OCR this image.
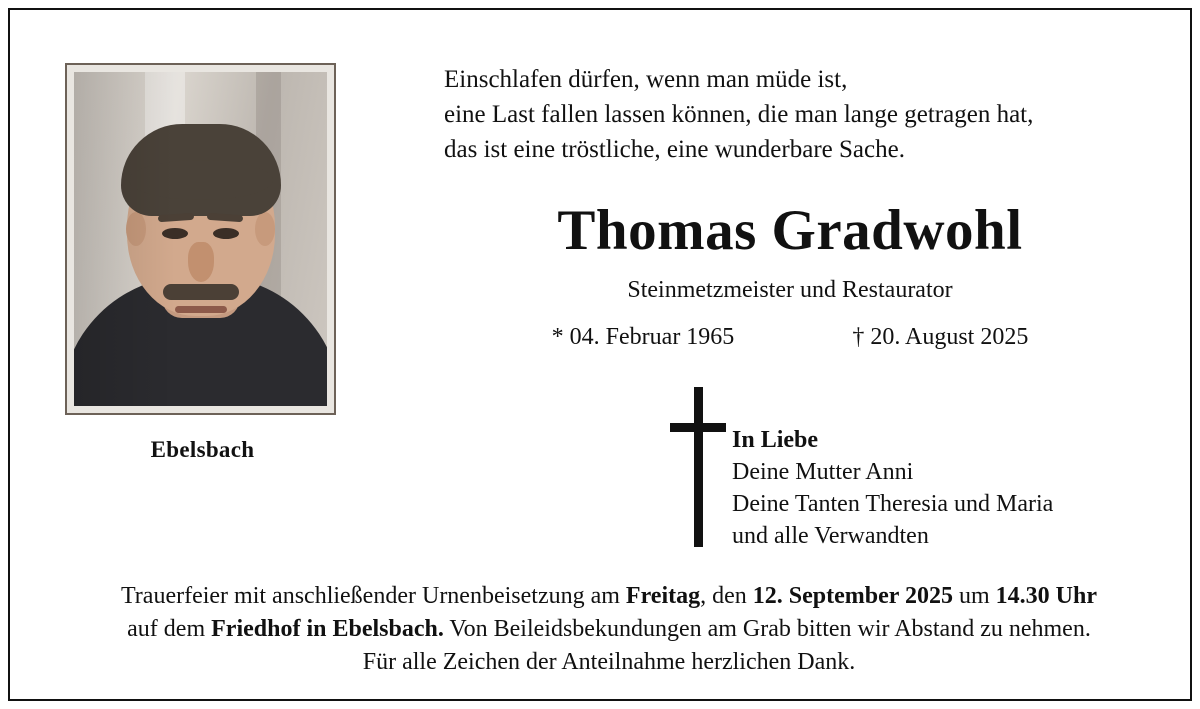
Ebelsbach
Einschlafen dürfen, wenn man müde ist,
eine Last fallen lassen können, die man lange getragen hat,
das ist eine tröstliche, eine wunderbare Sache.
Thomas Gradwohl
Steinmetzmeister und Restaurator
* 04. Februar 1965	† 20. August 2025
In Liebe
Deine Mutter Anni
Deine Tanten Theresia und Maria
und alle Verwandten
Trauerfeier mit anschließender Urnenbeisetzung am Freitag, den 12. September 2025 um 14.30 Uhr
auf dem Friedhof in Ebelsbach. Von Beileidsbekundungen am Grab bitten wir Abstand zu nehmen.
Für alle Zeichen der Anteilnahme herzlichen Dank.
